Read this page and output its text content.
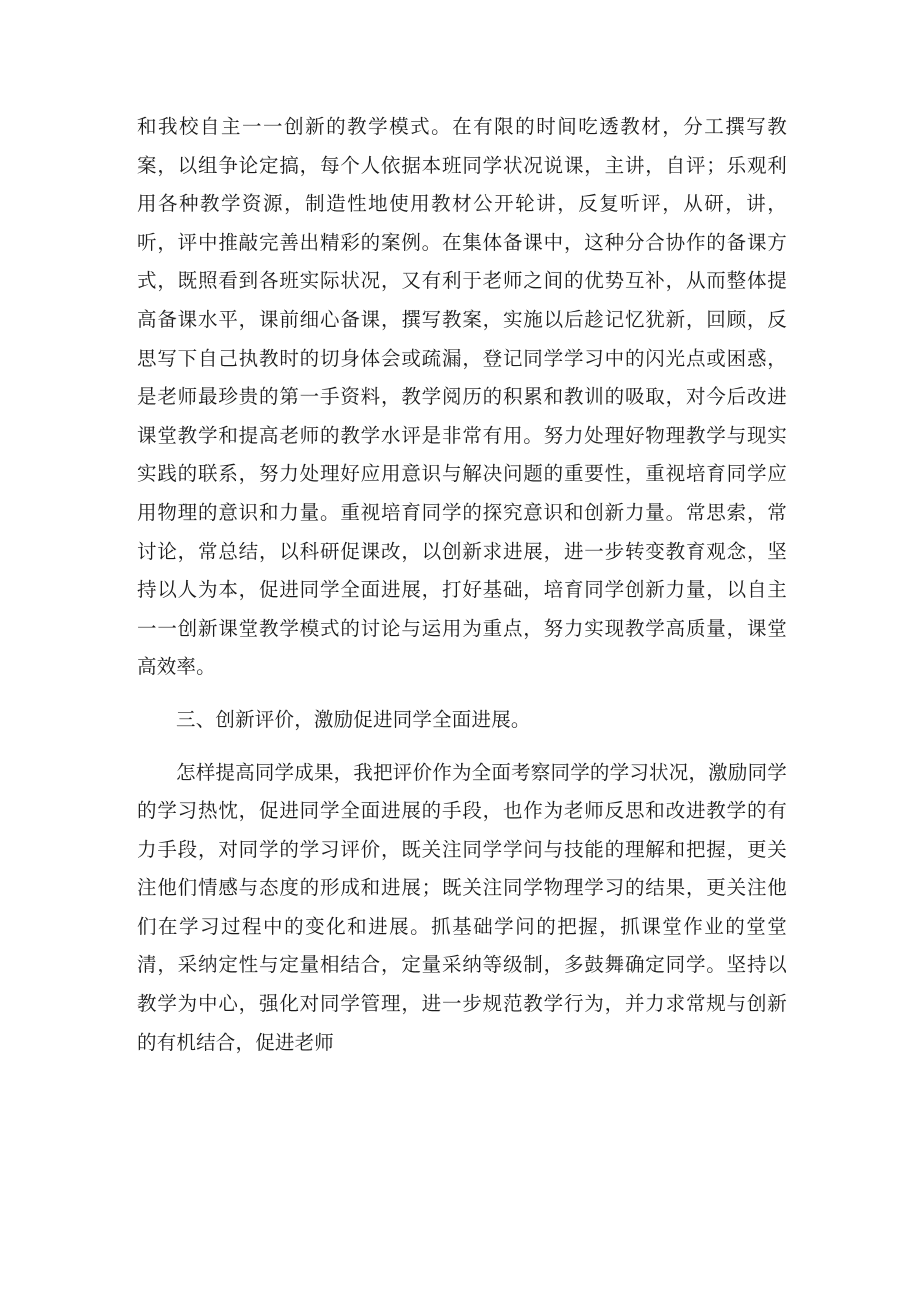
和我校自主一一创新的教学模式。在有限的时间吃透教材，分工撰写教案，以组争论定搞，每个人依据本班同学状况说课，主讲，自评；乐观利用各种教学资源，制造性地使用教材公开轮讲，反复听评，从研，讲，听，评中推敲完善出精彩的案例。在集体备课中，这种分合协作的备课方式，既照看到各班实际状况，又有利于老师之间的优势互补，从而整体提高备课水平，课前细心备课，撰写教案，实施以后趁记忆犹新，回顾，反思写下自己执教时的切身体会或疏漏，登记同学学习中的闪光点或困惑，是老师最珍贵的第一手资料，教学阅历的积累和教训的吸取，对今后改进课堂教学和提高老师的教学水评是非常有用。努力处理好物理教学与现实实践的联系，努力处理好应用意识与解决问题的重要性，重视培育同学应用物理的意识和力量。重视培育同学的探究意识和创新力量。常思索，常讨论，常总结，以科研促课改，以创新求进展，进一步转变教育观念，坚持以人为本，促进同学全面进展，打好基础，培育同学创新力量，以自主一一创新课堂教学模式的讨论与运用为重点，努力实现教学高质量，课堂高效率。

三、创新评价，激励促进同学全面进展。

怎样提高同学成果，我把评价作为全面考察同学的学习状况，激励同学的学习热忱，促进同学全面进展的手段，也作为老师反思和改进教学的有力手段，对同学的学习评价，既关注同学学问与技能的理解和把握，更关注他们情感与态度的形成和进展；既关注同学物理学习的结果，更关注他们在学习过程中的变化和进展。抓基础学问的把握，抓课堂作业的堂堂清，采纳定性与定量相结合，定量采纳等级制，多鼓舞确定同学。坚持以教学为中心，强化对同学管理，进一步规范教学行为，并力求常规与创新的有机结合，促进老师
